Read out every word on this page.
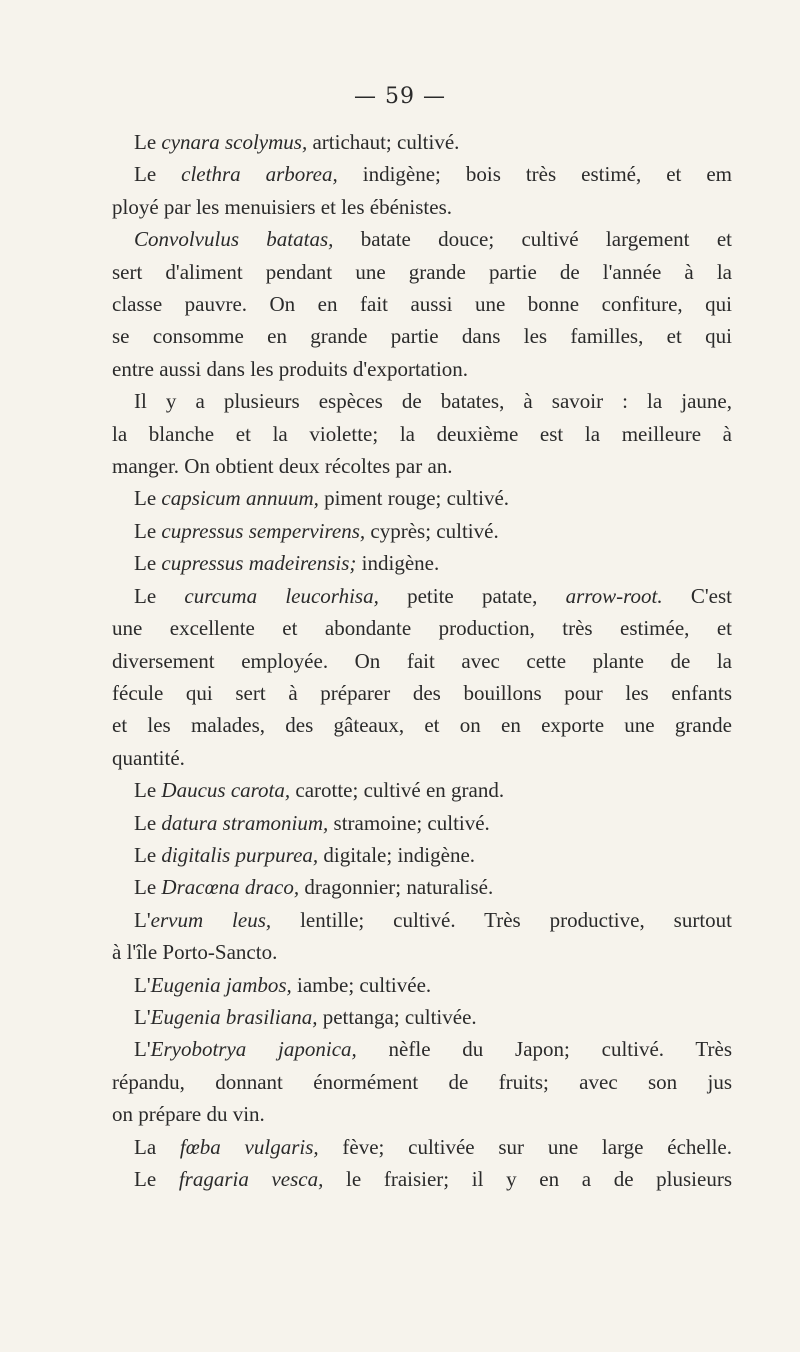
— 59 —
Le cynara scolymus, artichaut; cultivé.
Le clethra arborea, indigène; bois très estimé, et em
ployé par les menuisiers et les ébénistes.
Convolvulus batatas, batate douce; cultivé largement et
sert d'aliment pendant une grande partie de l'année à la
classe pauvre. On en fait aussi une bonne confiture, qui
se consomme en grande partie dans les familles, et qui
entre aussi dans les produits d'exportation.
Il y a plusieurs espèces de batates, à savoir : la jaune,
la blanche et la violette; la deuxième est la meilleure à
manger. On obtient deux récoltes par an.
Le capsicum annuum, piment rouge; cultivé.
Le cupressus sempervirens, cyprès; cultivé.
Le cupressus madeirensis; indigène.
Le curcuma leucorhisa, petite patate, arrow-root. C'est
une excellente et abondante production, très estimée, et
diversement employée. On fait avec cette plante de la
fécule qui sert à préparer des bouillons pour les enfants
et les malades, des gâteaux, et on en exporte une grande
quantité.
Le Daucus carota, carotte; cultivé en grand.
Le datura stramonium, stramoine; cultivé.
Le digitalis purpurea, digitale; indigène.
Le Dracœna draco, dragonnier; naturalisé.
L'ervum leus, lentille; cultivé. Très productive, surtout
à l'île Porto-Sancto.
L'Eugenia jambos, iambe; cultivée.
L'Eugenia brasiliana, pettanga; cultivée.
L'Eryobotrya japonica, nèfle du Japon; cultivé. Très
répandu, donnant énormément de fruits; avec son jus
on prépare du vin.
La fœba vulgaris, fève; cultivée sur une large échelle.
Le fragaria vesca, le fraisier; il y en a de plusieurs
